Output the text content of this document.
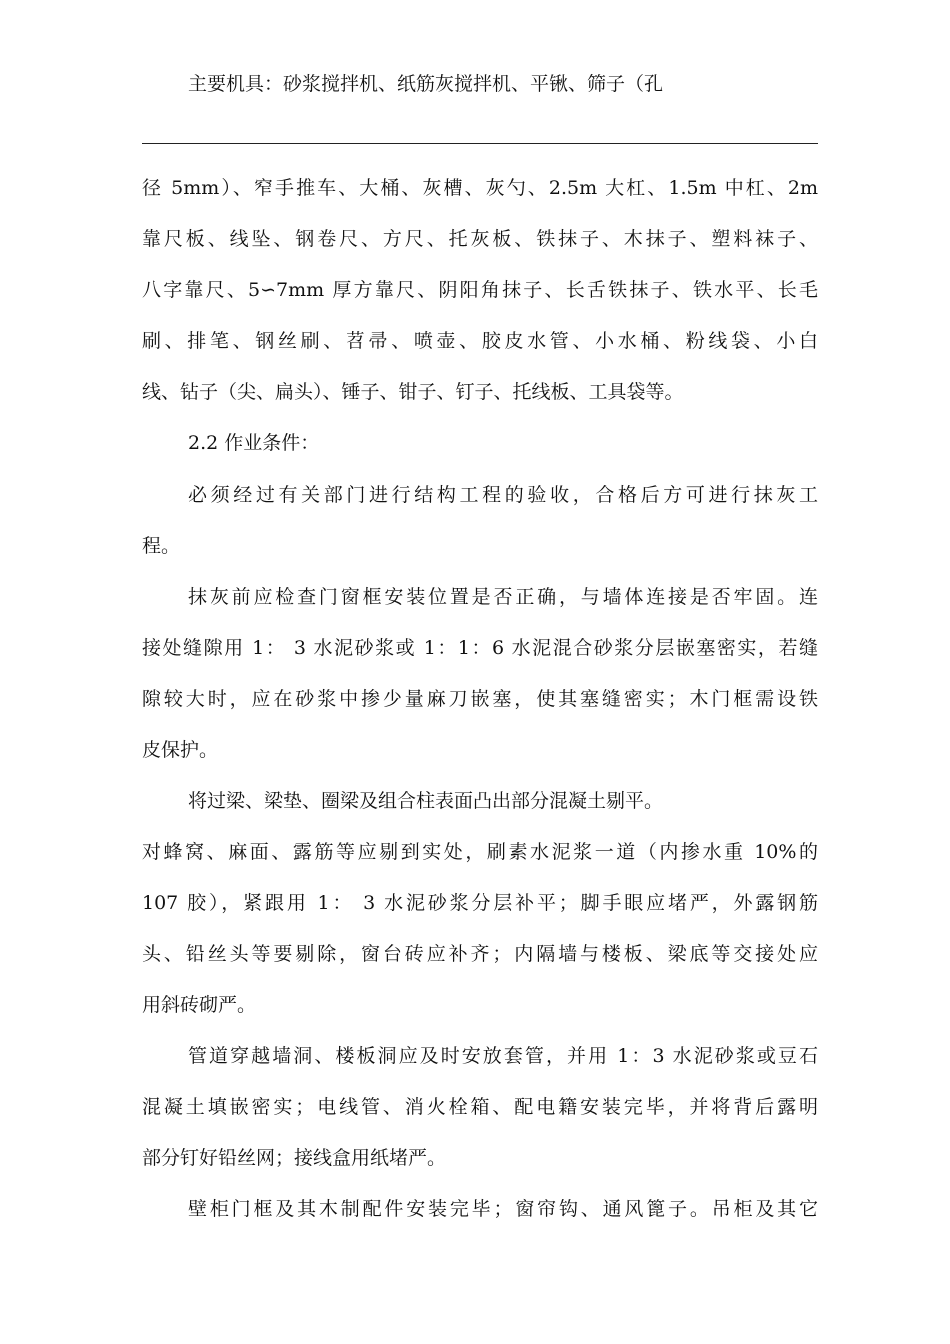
主要机具：砂浆搅拌机、纸筋灰搅拌机、平锹、筛子（孔
径 5mm）、窄手推车、大桶、灰槽、灰勺、2.5m 大杠、1.5m 中杠、2m
靠尺板、线坠、钢卷尺、方尺、托灰板、铁抹子、木抹子、塑料袜子、
八字靠尺、5∽7mm 厚方靠尺、阴阳角抹子、长舌铁抹子、铁水平、长毛
刷、排笔、钢丝刷、苕帚、喷壶、胶皮水管、小水桶、粉线袋、小白
线、钻子（尖、扁头）、锤子、钳子、钉子、托线板、工具袋等。
2.2 作业条件：
必须经过有关部门进行结构工程的验收，合格后方可进行抹灰工
程。
抹灰前应检查门窗框安装位置是否正确，与墙体连接是否牢固。连
接处缝隙用 1： 3 水泥砂浆或 1：1：6 水泥混合砂浆分层嵌塞密实，若缝
隙较大时，应在砂浆中掺少量麻刀嵌塞，使其塞缝密实；木门框需设铁
皮保护。
将过梁、梁垫、圈梁及组合柱表面凸出部分混凝土剔平。
对蜂窝、麻面、露筋等应剔到实处，刷素水泥浆一道（内掺水重 10%的
107 胶），紧跟用 1： 3 水泥砂浆分层补平；脚手眼应堵严，外露钢筋
头、铅丝头等要剔除，窗台砖应补齐；内隔墙与楼板、梁底等交接处应
用斜砖砌严。
管道穿越墙洞、楼板洞应及时安放套管，并用 1：3 水泥砂浆或豆石
混凝土填嵌密实；电线管、消火栓箱、配电籍安装完毕，并将背后露明
部分钉好铅丝网；接线盒用纸堵严。
壁柜门框及其木制配件安装完毕；窗帘钩、通风篦子。吊柜及其它
